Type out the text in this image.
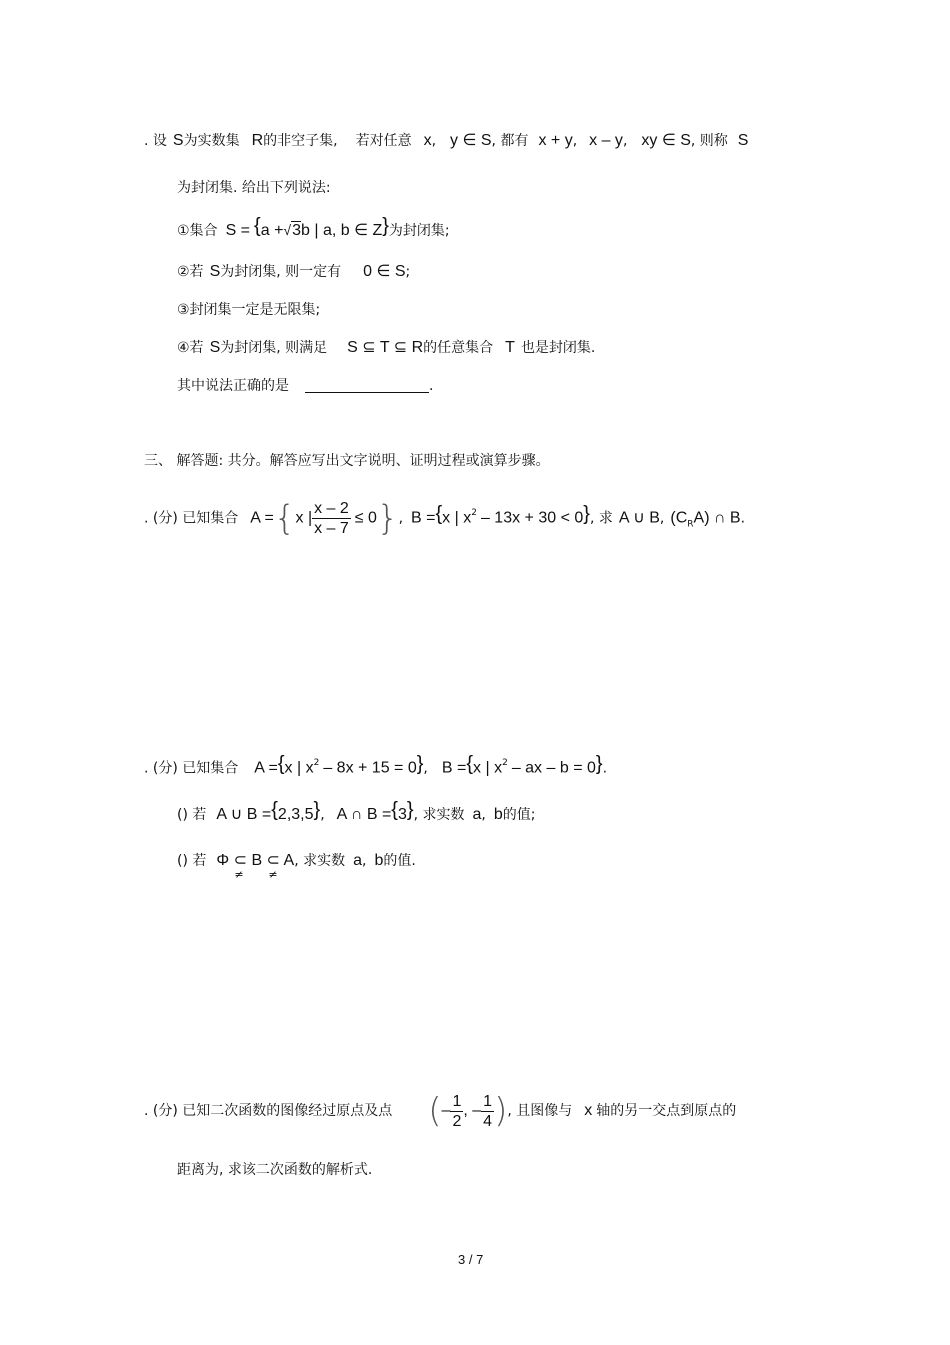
. 设 S为实数集 R的非空子集, 若对任意 x, y ∈ S, 都有 x + y, x – y, xy ∈ S, 则称 S
为封闭集. 给出下列说法:
①集合 S = {a +√3b | a, b ∈ Z}为封闭集;
②若 S为封闭集, 则一定有 0 ∈ S;
③封闭集一定是无限集;
④若 S为封闭集, 则满足 S ⊆ T ⊆ R的任意集合 T 也是封闭集.
其中说法正确的是	.
三、 解答题: 共分。解答应写出文字说明、证明过程或演算步骤。
. (分) 已知集合 A ={x | $\frac{x - 2}{x - 7} \le 0$}, B ={x | $x^2 - 13x + 30 < 0$}, 求 A ∪ B, $(C_RA)$ ∩ B.
. (分) 已知集合 A ={x | $x^2 - 8x + 15 = 0$}, B ={x | $x^2$ – ax – b = 0}.
() 若 A ∪ B ={2,3,5}, A ∩ B ={3}, 求实数 a, b的值;
() 若 Φ ⊂ B ⊂ A
≠ ≠
, 求实数 a, b的值.
. (分) 已知二次函数的图像经过原点及点 (– $\frac{1}{2}$ , – $\frac{1}{4}$ ), 且图像与 x 轴的另一交点到原点的
距离为, 求该二次函数的解析式.
3 / 7
